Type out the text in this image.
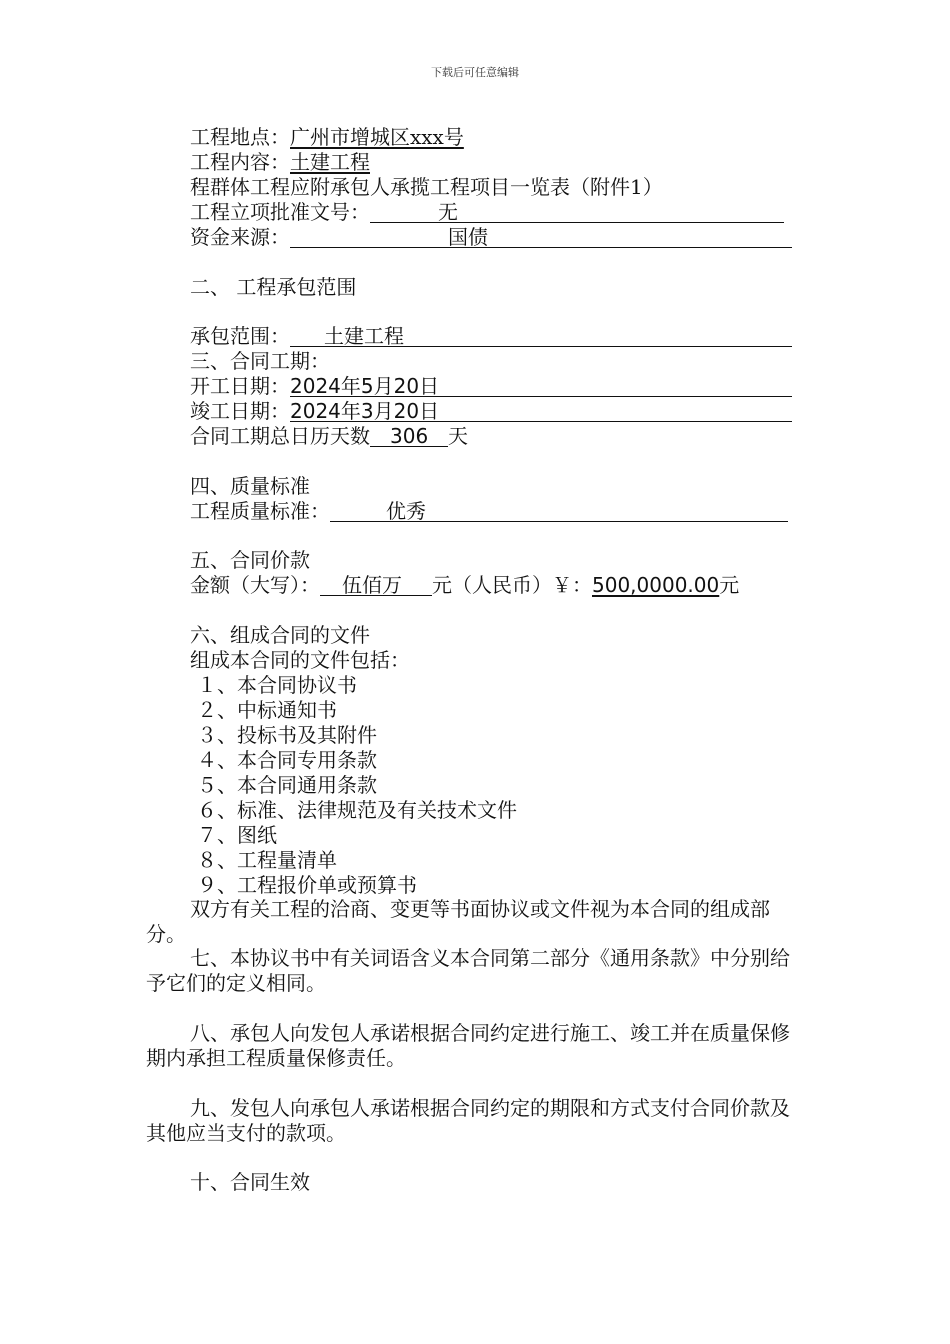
下载后可任意编辑
工程地点：广州市增城区xxx号
工程内容：土建工程
程群体工程应附承包人承揽工程项目一览表（附件1）
工程立项批准文号：	无
资金来源：	国债
二、 工程承包范围
承包范围： 土建工程
三、合同工期：
开工日期： 2024年5月20日
竣工日期： 2024年3月20日
合同工期总日历天数 306 天
四、质量标准
工程质量标准：	优秀
五、合同价款
金额（大写）： 伍佰万 元（人民币）￥：500,0000.00元
六、组成合同的文件
组成本合同的文件包括：
１、本合同协议书
２、中标通知书
３、投标书及其附件
４、本合同专用条款
５、本合同通用条款
６、标准、法律规范及有关技术文件
７、图纸
８、工程量清单
９、工程报价单或预算书
双方有关工程的洽商、变更等书面协议或文件视为本合同的组成部分。
七、本协议书中有关词语含义本合同第二部分《通用条款》中分别给予它们的定义相同。
八、承包人向发包人承诺根据合同约定进行施工、竣工并在质量保修期内承担工程质量保修责任。
九、发包人向承包人承诺根据合同约定的期限和方式支付合同价款及其他应当支付的款项。
十、合同生效
